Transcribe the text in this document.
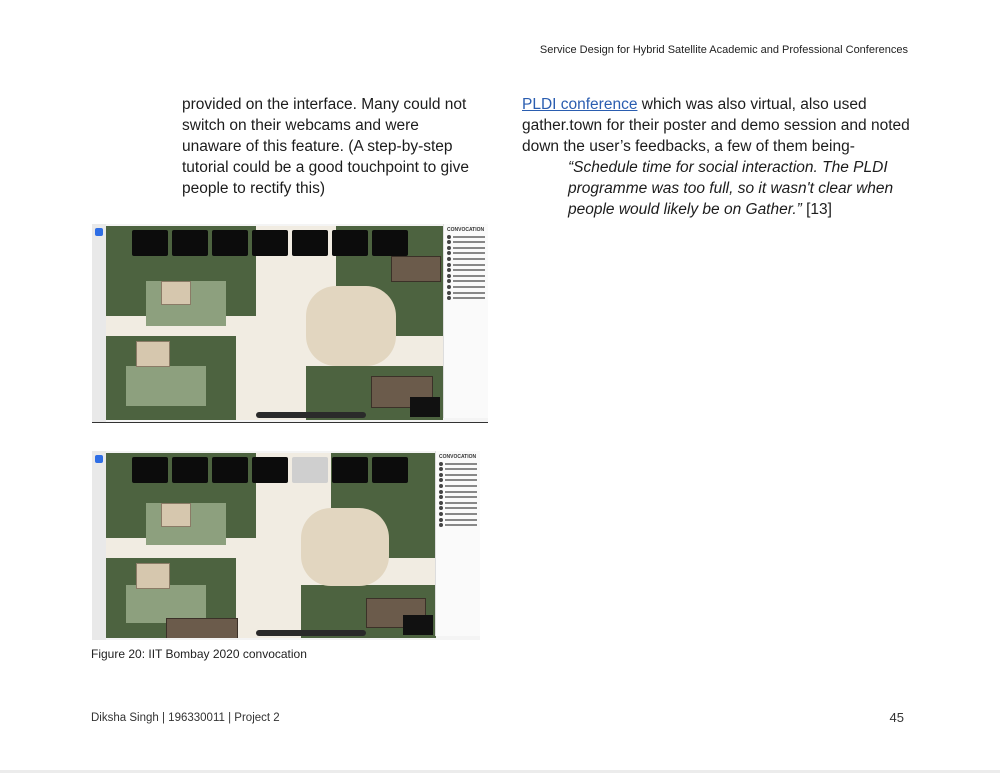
Service Design for Hybrid Satellite Academic and Professional Conferences
provided on the interface. Many could not switch on their webcams and were unaware of this feature. (A step-by-step tutorial could be a good touchpoint to give people to rectify this)
PLDI conference which was also virtual, also used gather.town for their poster and demo session and noted down the user’s feedbacks, a few of them being-
“Schedule time for social interaction. The PLDI programme was too full, so it wasn't clear when people would likely be on Gather.” [13]
CONVOCATION
CONVOCATION
Figure 20: IIT Bombay 2020 convocation
Diksha Singh | 196330011 | Project 2	45
